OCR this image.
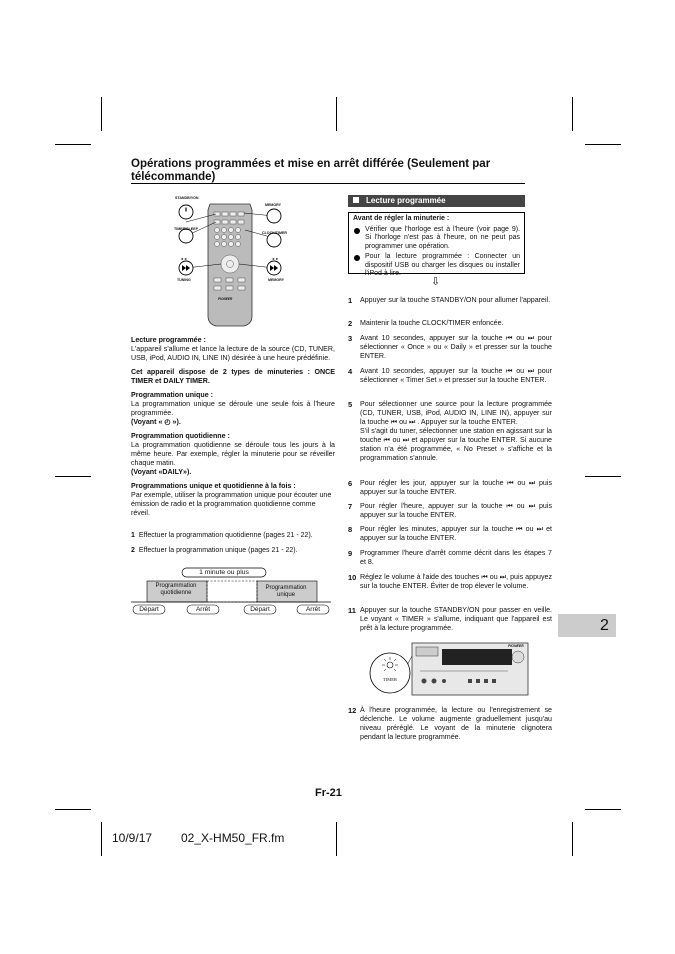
Opérations programmées et mise en arrêt différée (Seulement par télécommande)
STANDBY/ON
TIMER/SLEEP
◄◄
TUNING
MEMORY
CLOCK/TIMER
►►
MEMORY
PIONEER
Lecture programmée :
L'appareil s'allume et lance la lecture de la source (CD, TUNER, USB, iPod, AUDIO IN, LINE IN) désirée à une heure prédéfinie.
Cet appareil dispose de 2 types de minuteries : ONCE TIMER et DAILY TIMER.
Programmation unique :
La programmation unique se déroule une seule fois à l'heure programmée.
(Voyant « ◴ »).
Programmation quotidienne :
La programmation quotidienne se déroule tous les jours à la même heure. Par exemple, régler la minuterie pour se réveiller chaque matin.
(Voyant «DAILY»).
Programmations unique et quotidienne à la fois :
Par exemple, utiliser la programmation unique pour écouter une émission de radio et la programmation quotidienne comme réveil.
1 Effectuer la programmation quotidienne (pages 21 - 22).
2 Effectuer la programmation unique (pages 21 - 22).
1 minute ou plus
Programmation quotidienne
Programmation unique
Départ	Arrêt	Départ	Arrêt
Lecture programmée
Avant de régler la minuterie :
Vérifier que l'horloge est à l'heure (voir page 9). Si l'horloge n'est pas à l'heure, on ne peut pas programmer une opération.
Pour la lecture programmée : Connecter un dispositif USB ou charger les disques ou installer l'iPod à lire.
⇩
1 Appuyer sur la touche STANDBY/ON pour allumer l'appareil.
2 Maintenir la touche CLOCK/TIMER enfoncée.
3 Avant 10 secondes, appuyer sur la touche ⏮ ou ⏭ pour sélectionner « Once » ou « Daily » et presser sur la touche ENTER.
4 Avant 10 secondes, appuyer sur la touche ⏮ ou ⏭ pour sélectionner « Timer Set » et presser sur la touche ENTER.
5 Pour sélectionner une source pour la lecture programmée (CD, TUNER, USB, iPod, AUDIO IN, LINE IN), appuyer sur la touche ⏮ ou ⏭ . Appuyer sur la touche ENTER.
S'il s'agit du tuner, sélectionner une station en agissant sur la touche ⏮ ou ⏭ et appuyer sur la touche ENTER. Si aucune station n'a été programmée, « No Preset » s'affiche et la programmation s'annule.
6 Pour régler les jour, appuyer sur la touche ⏮ ou ⏭ puis appuyer sur la touche ENTER.
7 Pour régler l'heure, appuyer sur la touche ⏮ ou ⏭ puis appuyer sur la touche ENTER.
8 Pour régler les minutes, appuyer sur la touche ⏮ ou ⏭ et appuyer sur la touche ENTER.
9 Programmer l'heure d'arrêt comme décrit dans les étapes 7 et 8.
10 Réglez le volume à l'aide des touches ⏮ ou ⏭, puis appuyez sur la touche ENTER. Éviter de trop élever le volume.
11 Appuyer sur la touche STANDBY/ON pour passer en veille. Le voyant « TIMER » s'allume, indiquant que l'appareil est prêt à la lecture programmée.
PIONEER
TIMER
12 À l'heure programmée, la lecture ou l'enregistrement se déclenche. Le volume augmente graduellement jusqu'au niveau préréglé. Le voyant de la minuterie clignotera pendant la lecture programmée.
2
Fr-21
10/9/17 02_X-HM50_FR.fm
